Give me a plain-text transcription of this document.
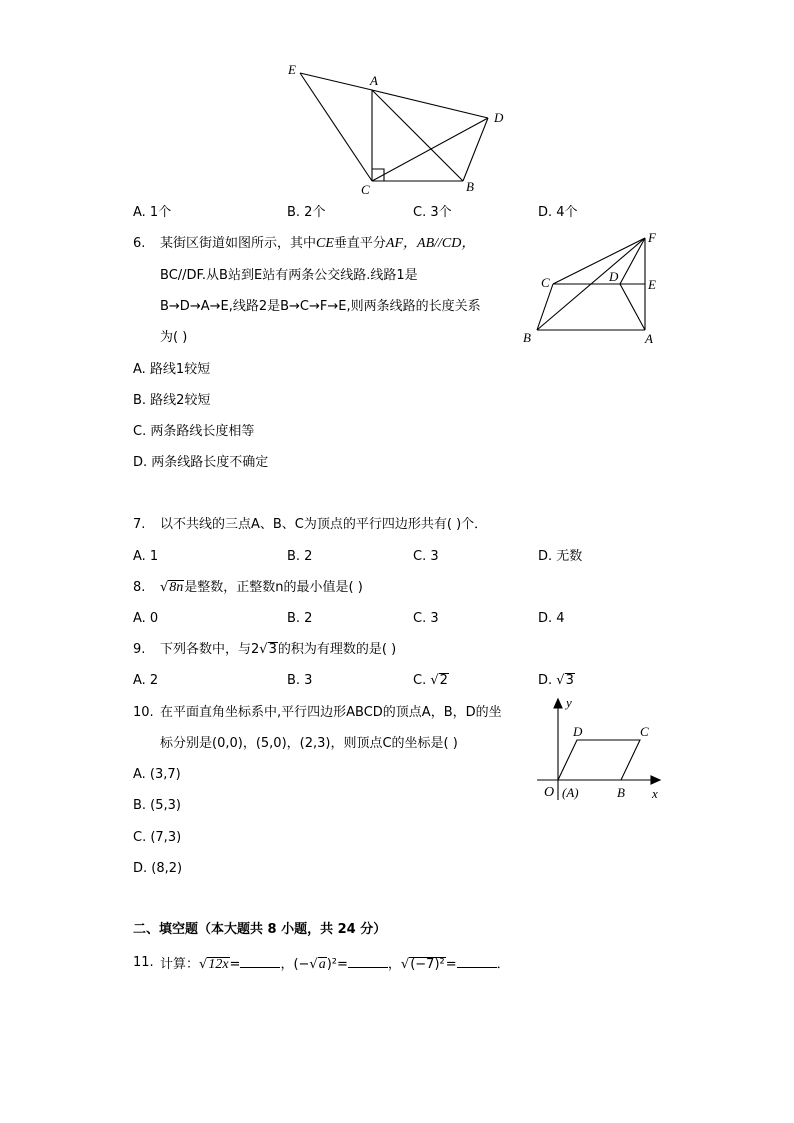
E
A
D
C	B
A. 1个	B. 2个	C. 3个	D. 4个
6. 某街区街道如图所示，其中CE垂直平分AF，AB//CD，
BC//DF.从B站到E站有两条公交线路.线路1是
B→D→A→E,线路2是B→C→F→E,则两条线路的长度关系
为( )
F
C	D
E
B	A
A. 路线1较短
B. 路线2较短
C. 两条路线长度相等
D. 两条线路长度不确定
7. 以不共线的三点A、B、C为顶点的平行四边形共有( )个．
A. 1	B. 2	C. 3	D. 无数
8. √8n是整数，正整数n的最小值是( )
A. 0	B. 2	C. 3	D. 4
9. 下列各数中，与2√3的积为有理数的是( )
A. 2	B. 3	C. √2	D. √3
10. 在平面直角坐标系中,平行四边形ABCD的顶点A，B，D的坐
标分别是(0,0)，(5,0)，(2,3)，则顶点C的坐标是( )
A. (3,7)
B. (5,3)
C. (7,3)
D. (8,2)
y
x
D	C
O (A)	B
二、填空题（本大题共 8 小题，共 24 分）
11. 计算：√12x=	，(−√a)²=	，√(−7)²=	．
